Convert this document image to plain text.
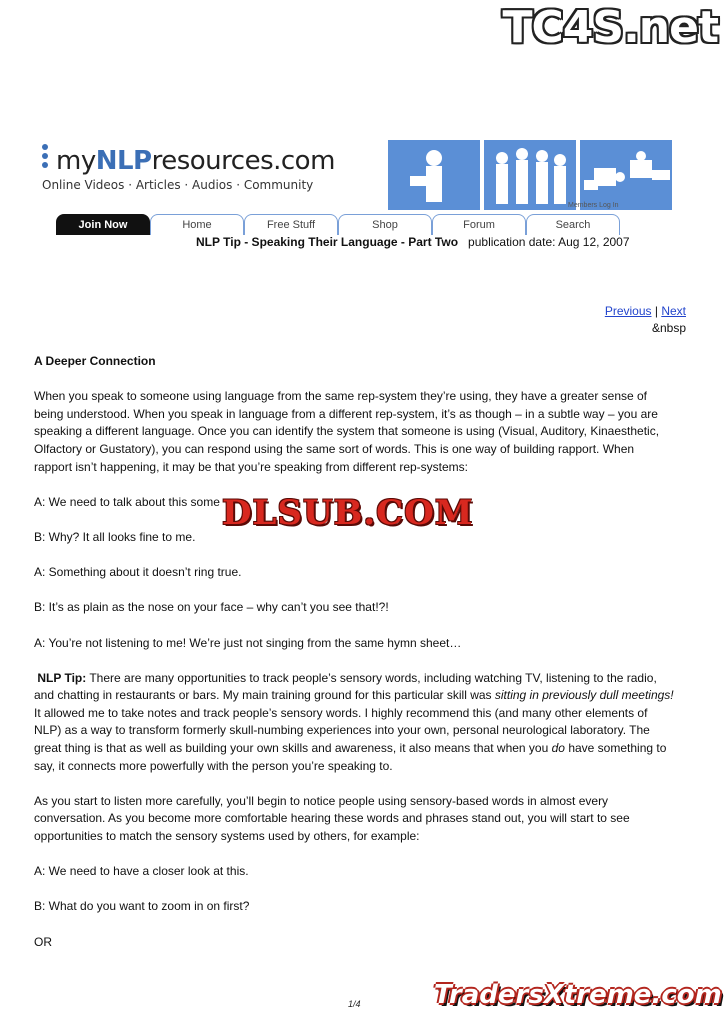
TC4S.net
myNLPresources.com
Online Videos · Articles · Audios · Community
Members Log In
Join Now	Home	Free Stuff	Shop	Forum	Search
NLP Tip - Speaking Their Language - Part Two publication date: Aug 12, 2007
Previous | Next
&nbsp
A Deeper Connection

When you speak to someone using language from the same rep-system they’re using, they have a greater sense of being understood. When you speak in language from a different rep-system, it’s as though – in a subtle way – you are speaking a different language. Once you can identify the system that someone is using (Visual, Auditory, Kinaesthetic, Olfactory or Gustatory), you can respond using the same sort of words. This is one way of building rapport. When rapport isn’t happening, it may be that you’re speaking from different rep-systems:

A: We need to talk about this some

B: Why? It all looks fine to me.

A: Something about it doesn’t ring true.

B: It’s as plain as the nose on your face – why can’t you see that!?!

A: You’re not listening to me! We’re just not singing from the same hymn sheet…

NLP Tip: There are many opportunities to track people’s sensory words, including watching TV, listening to the radio, and chatting in restaurants or bars. My main training ground for this particular skill was sitting in previously dull meetings! It allowed me to take notes and track people’s sensory words. I highly recommend this (and many other elements of NLP) as a way to transform formerly skull-numbing experiences into your own, personal neurological laboratory. The great thing is that as well as building your own skills and awareness, it also means that when you do have something to say, it connects more powerfully with the person you’re speaking to.

As you start to listen more carefully, you’ll begin to notice people using sensory-based words in almost every conversation. As you become more comfortable hearing these words and phrases stand out, you will start to see opportunities to match the sensory systems used by others, for example:

A: We need to have a closer look at this.

B: What do you want to zoom in on first?

OR

DLSUB.COM
1/4	TradersXtreme.com
